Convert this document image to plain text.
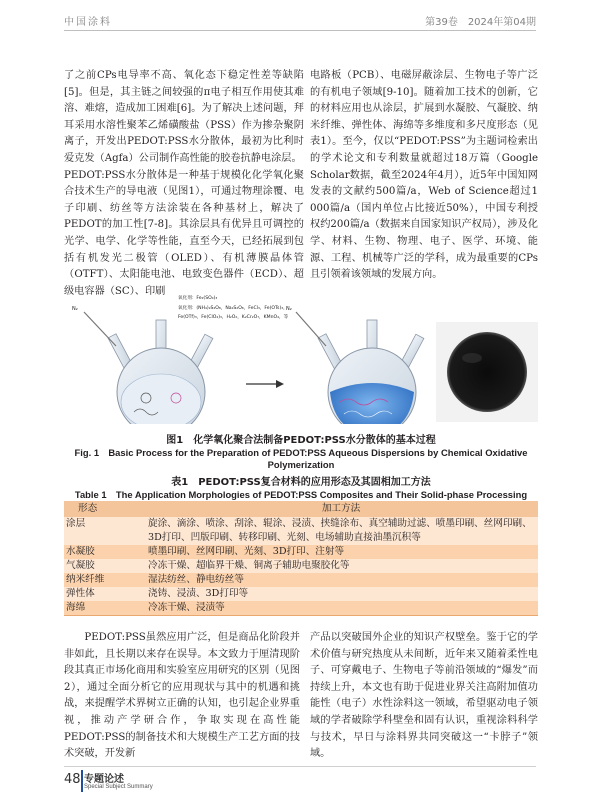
中国涂料	第39卷　2024年第04期

了之前CPs电导率不高、氧化态下稳定性差等缺陷[5]。但是，其主链之间较强的π电子相互作用使其难溶、难熔，造成加工困难[6]。为了解决上述问题，拜耳采用水溶性聚苯乙烯磺酸盐（PSS）作为掺杂聚阴离子，开发出PEDOT:PSS水分散体，最初为比利时爱克发（Agfa）公司制作高性能的胶卷抗静电涂层。

PEDOT:PSS水分散体是一种基于规模化化学氧化聚合技术生产的导电液（见图1），可通过物理涂覆、电子印刷、纺丝等方法涂装在各种基材上，解决了PEDOT的加工性[7-8]。其涂层具有优异且可调控的光学、电学、化学等性能，直至今天，已经拓展到包括有机发光二极管（OLED）、有机薄膜晶体管（OTFT）、太阳能电池、电致变色器件（ECD）、超级电容器（SC）、印刷

电路板（PCB）、电磁屏蔽涂层、生物电子等广泛的有机电子领域[9-10]。随着加工技术的创新，它的材料应用也从涂层，扩展到水凝胶、气凝胶、纳米纤维、弹性体、海绵等多维度和多尺度形态（见表1）。至今，仅以“PEDOT:PSS”为主题词检索出的学术论文和专利数量就超过18万篇（Google Scholar数据，截至2024年4月），近5年中国知网发表的文献约500篇/a，Web of Science超过1 000篇/a（国内单位占比接近50%），中国专利授权约200篇/a（数据来自国家知识产权局），涉及化学、材料、生物、物理、电子、医学、环境、能源、工程、机械等广泛的学科，成为最重要的CPs且引领着该领域的发展方向。

氧化剂：Fe₂(SO₄)₃
氧化剂：(NH₄)₂S₂O₈，Na₂S₂O₈，FeCl₃，Fe(OTs)₃，
Fe(OTf)₃，Fe(ClO₄)₃，H₂O₂，K₂Cr₂O₇，KMnO₄，等
N₂	N₂
图1　化学氧化聚合法制备PEDOT:PSS水分散体的基本过程
Fig. 1　Basic Process for the Preparation of PEDOT:PSS Aqueous Dispersions by Chemical Oxidative Polymerization
表1　PEDOT:PSS复合材料的应用形态及其固相加工方法
Table 1　The Application Morphologies of PEDOT:PSS Composites and Their Solid-phase Processing
形态	加工方法
涂层	旋涂、滴涂、喷涂、刮涂、辊涂、浸渍、挟缝涂布、真空辅助过滤、喷墨印刷、丝网印刷、3D打印、凹版印刷、转移印刷、光刻、电场辅助直接油墨沉积等
水凝胶	喷墨印刷、丝网印刷、光刻、3D打印、注射等
气凝胶	冷冻干燥、超临界干燥、铜离子辅助电聚胶化等
纳米纤维	湿法纺丝、静电纺丝等
弹性体	浇铸、浸渍、3D打印等
海绵	冷冻干燥、浸渍等

PEDOT:PSS虽然应用广泛，但是商品化阶段并非如此，且长期以来存在误导。本文致力于厘清现阶段其真正市场化商用和实验室应用研究的区别（见图2），通过全面分析它的应用现状与其中的机遇和挑战，来提醒学术界树立正确的认知，也引起企业界重视，推动产学研合作，争取实现在高性能PEDOT:PSS的制备技术和大规模生产工艺方面的技术突破，开发新

产品以突破国外企业的知识产权壁垒。鉴于它的学术价值与研究热度从未间断，近年来又随着柔性电子、可穿戴电子、生物电子等前沿领域的“爆发”而持续上升，本文也有助于促进业界关注高附加值功能性（电子）水性涂料这一领域，希望驱动电子领域的学者破除学科壁垒和固有认识，重视涂料科学与技术，早日与涂料界共同突破这一“卡脖子”领域。

48 专题论述
Special Subject Summary
